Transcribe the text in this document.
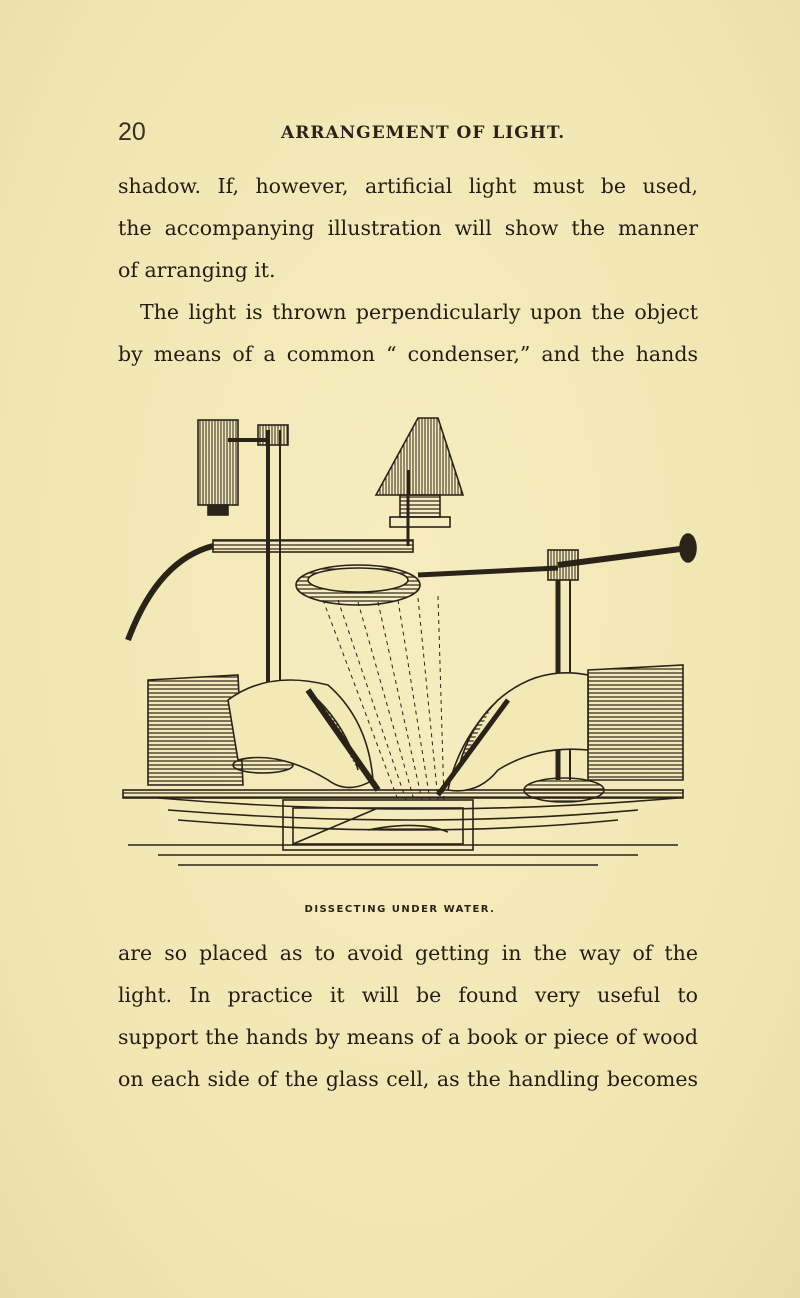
20	ARRANGEMENT OF LIGHT.
shadow. If, however, artificial light must be used,
the accompanying illustration will show the manner
of arranging it.
The light is thrown perpendicularly upon the object
by means of a common “ condenser,” and the hands
DISSECTING UNDER WATER.
are so placed as to avoid getting in the way of the
light. In practice it will be found very useful to
support the hands by means of a book or piece of wood
on each side of the glass cell, as the handling becomes
